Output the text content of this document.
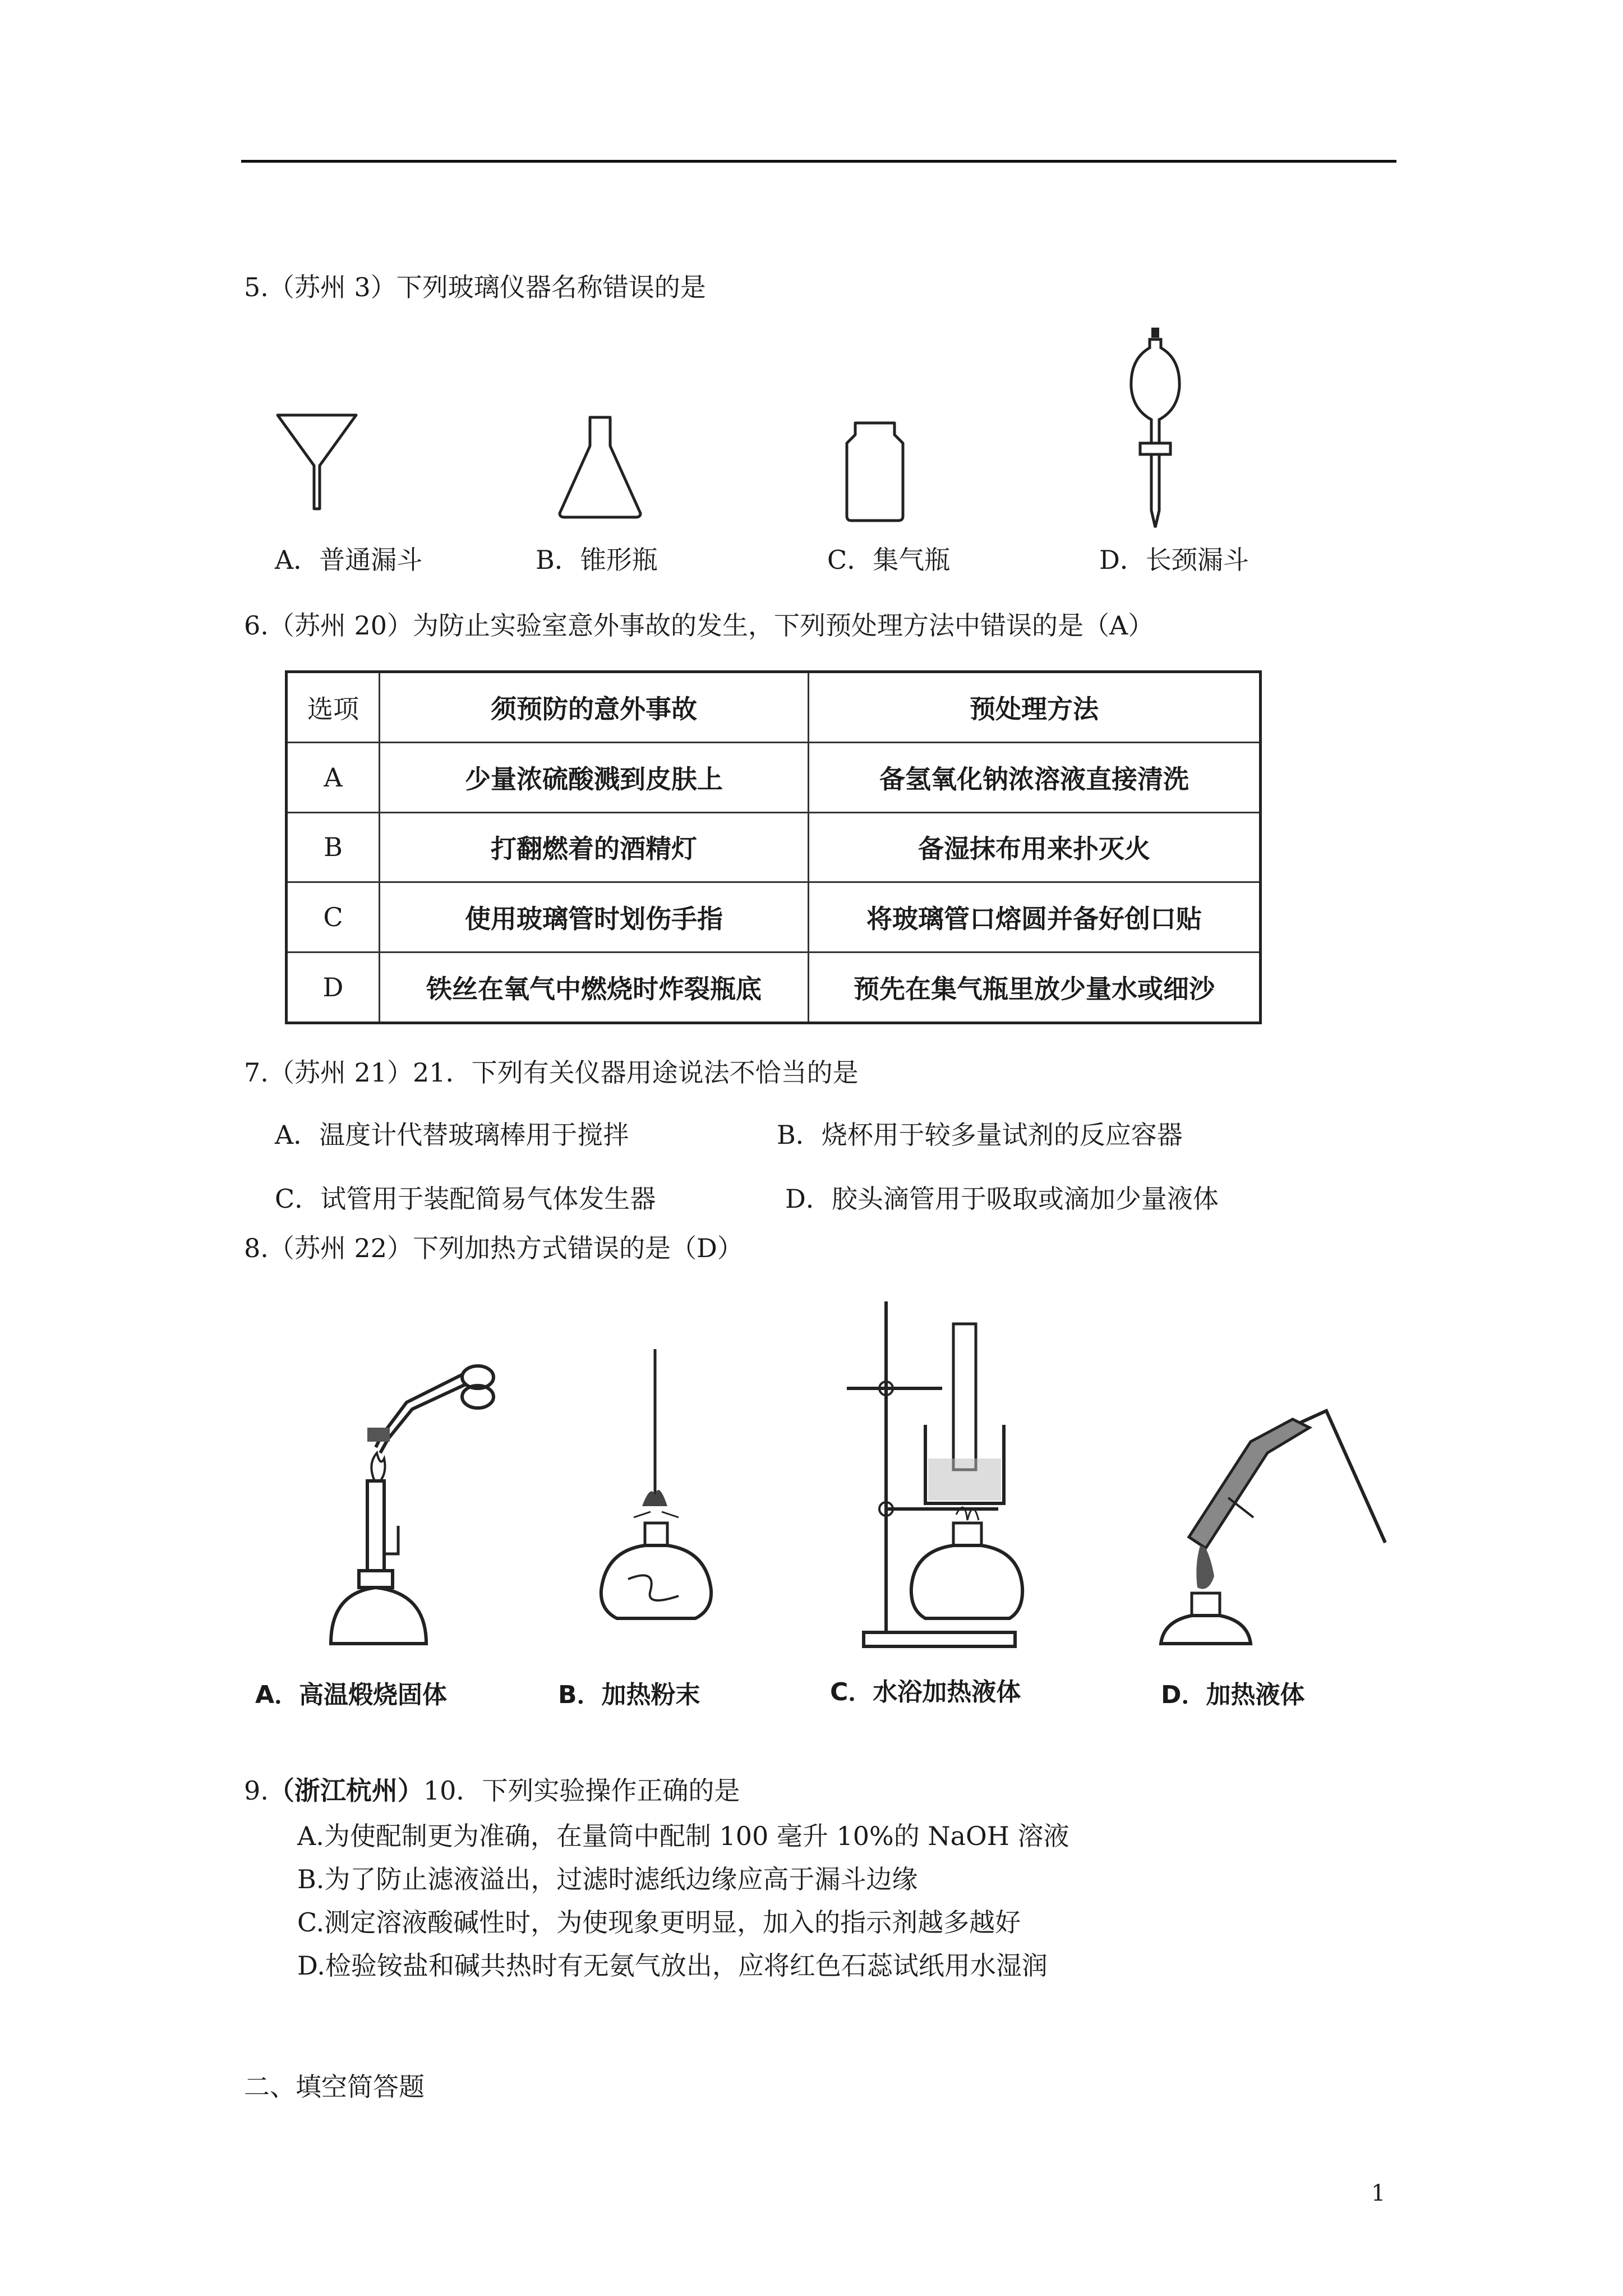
5.（苏州 3）下列玻璃仪器名称错误的是
A．普通漏斗	B．锥形瓶	C．集气瓶	D．长颈漏斗
6.（苏州 20）为防止实验室意外事故的发生，下列预处理方法中错误的是（A）
选项	须预防的意外事故	预处理方法
A	少量浓硫酸溅到皮肤上	备氢氧化钠浓溶液直接清洗
B	打翻燃着的酒精灯	备湿抹布用来扑灭火
C	使用玻璃管时划伤手指	将玻璃管口熔圆并备好创口贴
D	铁丝在氧气中燃烧时炸裂瓶底	预先在集气瓶里放少量水或细沙
7.（苏州 21）21．下列有关仪器用途说法不恰当的是
A．温度计代替玻璃棒用于搅拌	B．烧杯用于较多量试剂的反应容器
C．试管用于装配简易气体发生器	D．胶头滴管用于吸取或滴加少量液体
8.（苏州 22）下列加热方式错误的是（D）
A．高温煅烧固体	B．加热粉末	C．水浴加热液体	D．加热液体
9.（浙江杭州）10．下列实验操作正确的是
A.为使配制更为准确，在量筒中配制 100 毫升 10%的 NaOH 溶液
B.为了防止滤液溢出，过滤时滤纸边缘应高于漏斗边缘
C.测定溶液酸碱性时，为使现象更明显，加入的指示剂越多越好
D.检验铵盐和碱共热时有无氨气放出，应将红色石蕊试纸用水湿润
二、填空简答题
1
